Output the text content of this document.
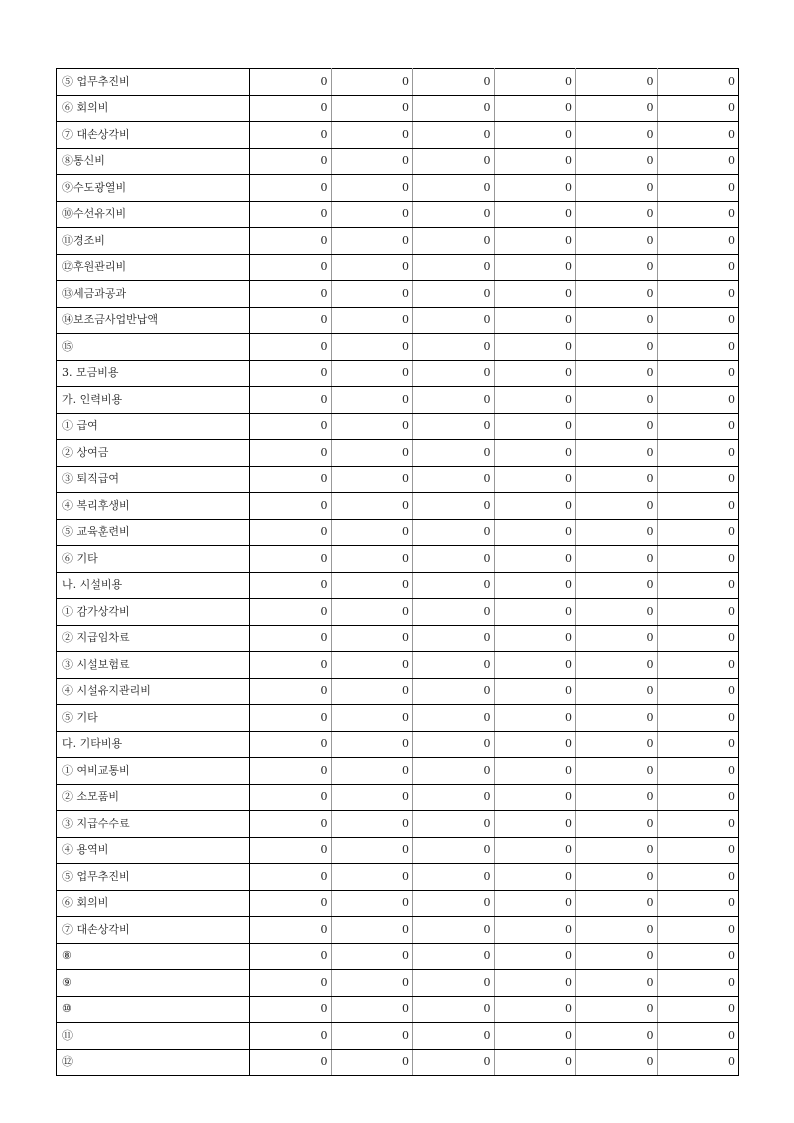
⑤ 업무추진비	0	0	0	0	0	0
⑥ 회의비	0	0	0	0	0	0
⑦ 대손상각비	0	0	0	0	0	0
⑧통신비	0	0	0	0	0	0
⑨수도광열비	0	0	0	0	0	0
⑩수선유지비	0	0	0	0	0	0
⑪경조비	0	0	0	0	0	0
⑫후원관리비	0	0	0	0	0	0
⑬세금과공과	0	0	0	0	0	0
⑭보조금사업반납액	0	0	0	0	0	0
⑮	0	0	0	0	0	0
3. 모금비용	0	0	0	0	0	0
가. 인력비용	0	0	0	0	0	0
① 급여	0	0	0	0	0	0
② 상여금	0	0	0	0	0	0
③ 퇴직급여	0	0	0	0	0	0
④ 복리후생비	0	0	0	0	0	0
⑤ 교육훈련비	0	0	0	0	0	0
⑥ 기타	0	0	0	0	0	0
나. 시설비용	0	0	0	0	0	0
① 감가상각비	0	0	0	0	0	0
② 지급임차료	0	0	0	0	0	0
③ 시설보험료	0	0	0	0	0	0
④ 시설유지관리비	0	0	0	0	0	0
⑤ 기타	0	0	0	0	0	0
다. 기타비용	0	0	0	0	0	0
① 여비교통비	0	0	0	0	0	0
② 소모품비	0	0	0	0	0	0
③ 지급수수료	0	0	0	0	0	0
④ 용역비	0	0	0	0	0	0
⑤ 업무추진비	0	0	0	0	0	0
⑥ 회의비	0	0	0	0	0	0
⑦ 대손상각비	0	0	0	0	0	0
⑧	0	0	0	0	0	0
⑨	0	0	0	0	0	0
⑩	0	0	0	0	0	0
⑪	0	0	0	0	0	0
⑫	0	0	0	0	0	0
